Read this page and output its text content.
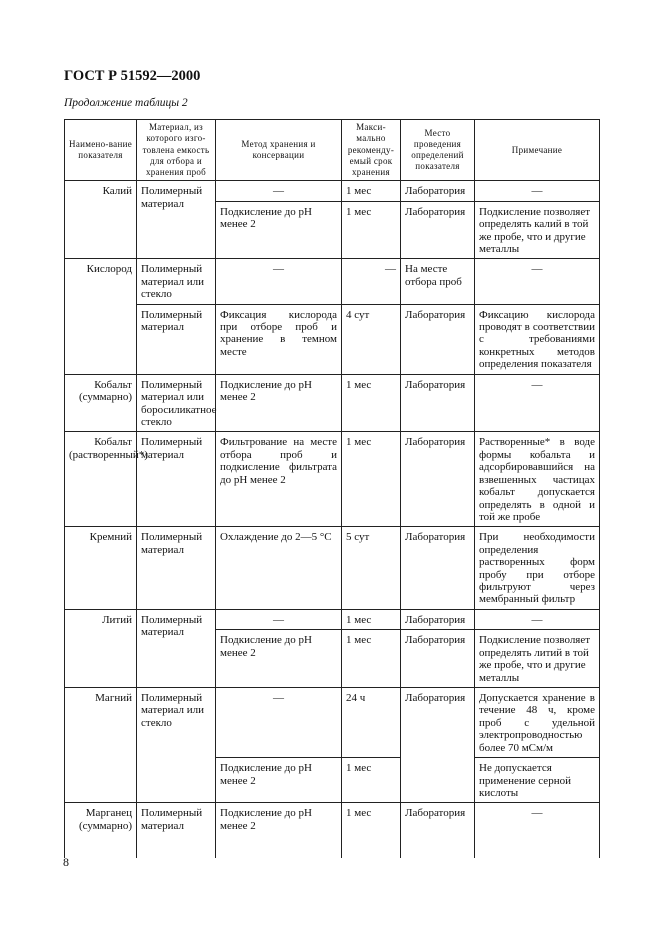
ГОСТ Р 51592—2000
Продолжение таблицы 2
Наимено-вание показателя	Материал, из которого изго-товлена емкость для отбора и хранения проб	Метод хранения и консервации	Макси-мально рекоменду-емый срок хранения	Место проведения определений показателя	Примечание
Калий	Полимерный материал	—	1 мес	Лаборатория	—
		Подкисление до pH менее 2	1 мес	Лаборатория	Подкисление позволяет определять калий в той же пробе, что и другие металлы
Кислород	Полимерный материал или стекло	—	—	На месте отбора проб	—
	Полимерный материал	Фиксация кислорода при отборе проб и хранение в темном месте	4 сут	Лаборатория	Фиксацию кислорода проводят в соответствии с требованиями конкретных методов определения показателя
Кобальт (суммарно)	Полимерный материал или боросиликатное стекло	Подкисление до pH менее 2	1 мес	Лаборатория	—
Кобальт (растворенный*)	Полимерный материал	Фильтрование на месте отбора проб и подкисление фильтрата до pH менее 2	1 мес	Лаборатория	Растворенные* в воде формы кобальта и адсорбировавшийся на взвешенных частицах кобальт допускается определять в одной и той же пробе
Кремний	Полимерный материал	Охлаждение до 2—5 °С	5 сут	Лаборатория	При необходимости определения растворенных форм пробу при отборе фильтруют через мембранный фильтр
Литий	Полимерный материал	—	1 мес	Лаборатория	—
		Подкисление до pH менее 2	1 мес	Лаборатория	Подкисление позволяет определять литий в той же пробе, что и другие металлы
Магний	Полимерный материал или стекло	—	24 ч	Лаборатория	Допускается хранение в течение 48 ч, кроме проб с удельной электропроводностью более 70 мСм/м
		Подкисление до pH менее 2	1 мес		Не допускается применение серной кислоты
Марганец (суммарно)	Полимерный материал	Подкисление до pH менее 2	1 мес	Лаборатория	—
8
